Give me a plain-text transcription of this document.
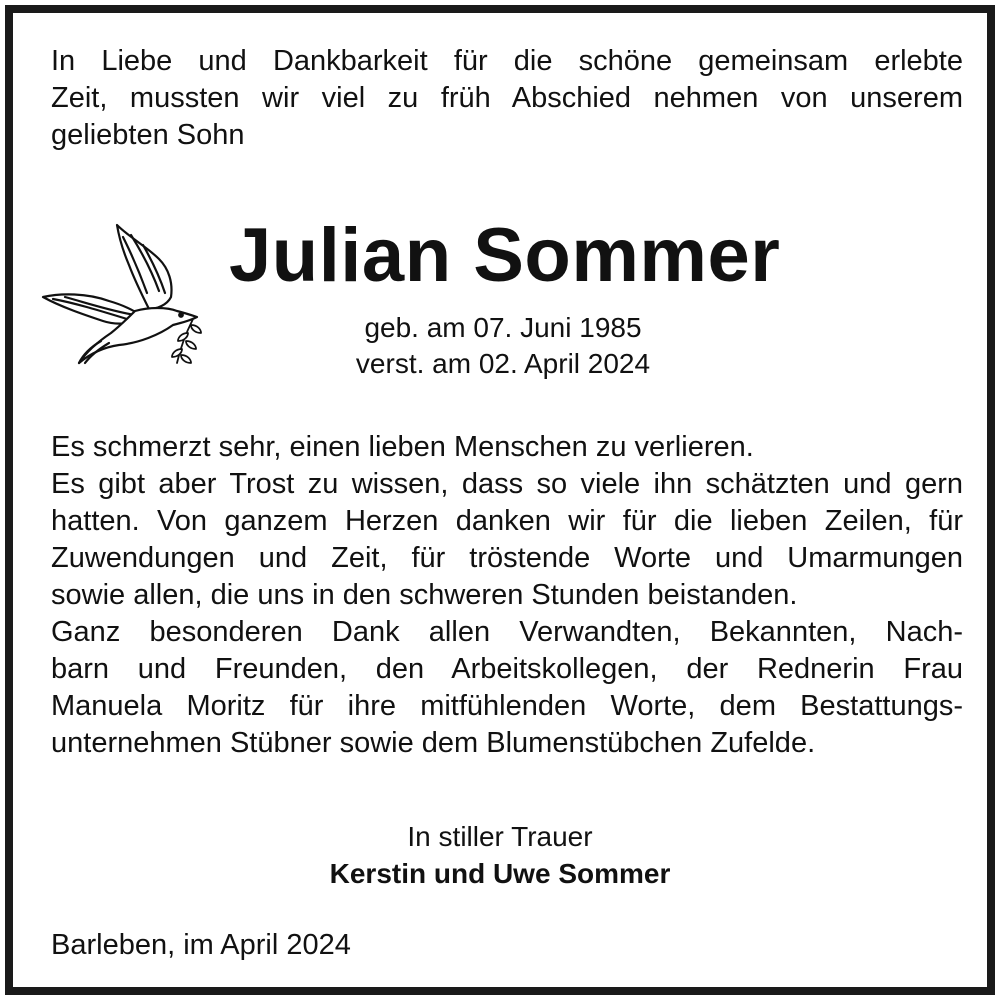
In Liebe und Dankbarkeit für die schöne gemeinsam erlebte
Zeit, mussten wir viel zu früh Abschied nehmen von unserem
geliebten Sohn
Julian Sommer
geb. am 07. Juni 1985
verst. am 02. April 2024
Es schmerzt sehr, einen lieben Menschen zu verlieren.
Es gibt aber Trost zu wissen, dass so viele ihn schätzten und gern
hatten. Von ganzem Herzen danken wir für die lieben Zeilen, für
Zuwendungen und Zeit, für tröstende Worte und Umarmungen
sowie allen, die uns in den schweren Stunden beistanden.
Ganz besonderen Dank allen Verwandten, Bekannten, Nach-
barn und Freunden, den Arbeitskollegen, der Rednerin Frau
Manuela Moritz für ihre mitfühlenden Worte, dem Bestattungs-
unternehmen Stübner sowie dem Blumenstübchen Zufelde.
In stiller Trauer
Kerstin und Uwe Sommer
Barleben, im April 2024
